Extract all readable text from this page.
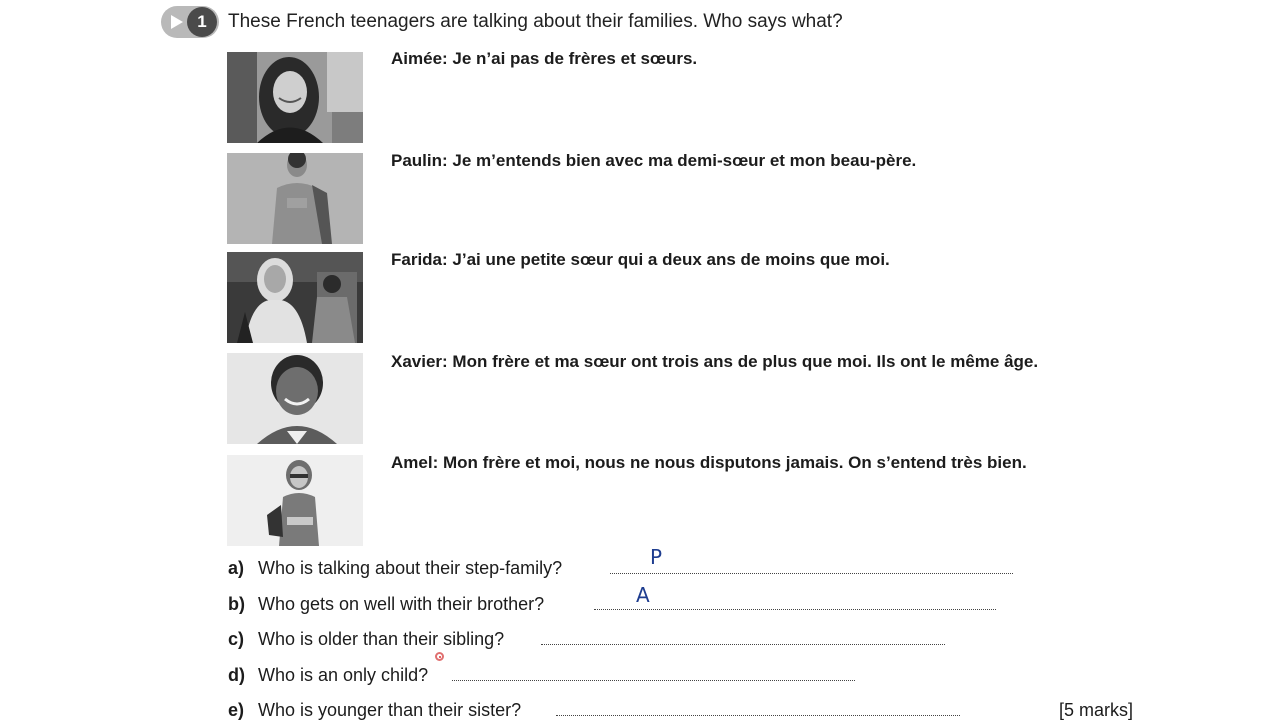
1	These French teenagers are talking about their families. Who says what?
Aimée: Je n’ai pas de frères et sœurs.
Paulin: Je m’entends bien avec ma demi-sœur et mon beau-père.
Farida: J’ai une petite sœur qui a deux ans de moins que moi.
Xavier: Mon frère et ma sœur ont trois ans de plus que moi. Ils ont le même âge.
Amel: Mon frère et moi, nous ne nous disputons jamais. On s’entend très bien.
a) Who is talking about their step-family?	P
b) Who gets on well with their brother?	A
c) Who is older than their sibling?
d) Who is an only child?
e) Who is younger than their sister?	[5 marks]
